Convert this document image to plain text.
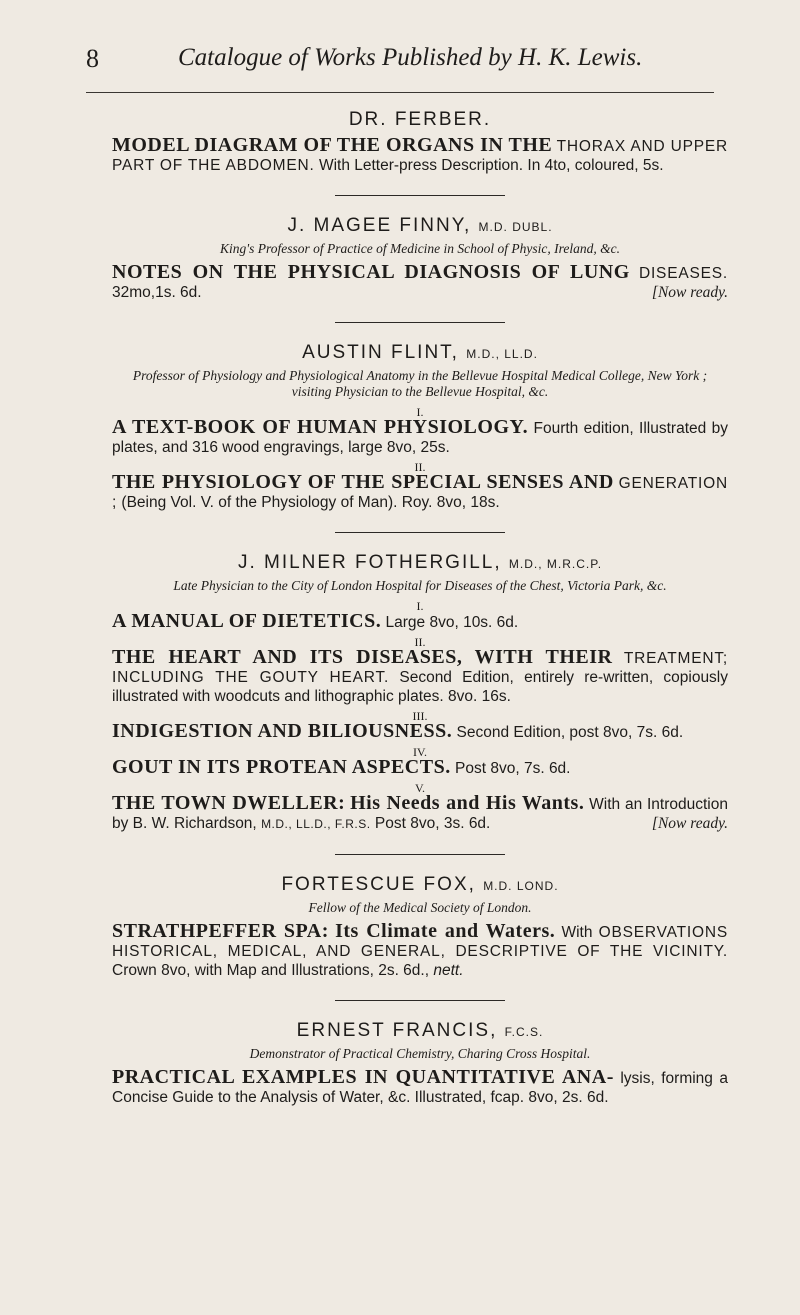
8	Catalogue of Works Published by H. K. Lewis.

DR. FERBER.

MODEL DIAGRAM OF THE ORGANS IN THE THORAX AND UPPER PART OF THE ABDOMEN. With Letter-press Description. In 4to, coloured, 5s.

J. MAGEE FINNY, M.D. DUBL.

King's Professor of Practice of Medicine in School of Physic, Ireland, &c.

NOTES ON THE PHYSICAL DIAGNOSIS OF LUNG DISEASES. 32mo,1s. 6d.	[Now ready.

AUSTIN FLINT, M.D., LL.D.

Professor of Physiology and Physiological Anatomy in the Bellevue Hospital Medical College, New York ; visiting Physician to the Bellevue Hospital, &c.

I.

A TEXT-BOOK OF HUMAN PHYSIOLOGY. Fourth edition, Illustrated by plates, and 316 wood engravings, large 8vo, 25s.

II.

THE PHYSIOLOGY OF THE SPECIAL SENSES AND GENERATION ; (Being Vol. V. of the Physiology of Man). Roy. 8vo, 18s.

J. MILNER FOTHERGILL, M.D., M.R.C.P.

Late Physician to the City of London Hospital for Diseases of the Chest, Victoria Park, &c.

I.

A MANUAL OF DIETETICS. Large 8vo, 10s. 6d.

II.

THE HEART AND ITS DISEASES, WITH THEIR TREATMENT; INCLUDING THE GOUTY HEART. Second Edition, entirely re-written, copiously illustrated with woodcuts and lithographic plates. 8vo. 16s.

III.

INDIGESTION AND BILIOUSNESS. Second Edition, post 8vo, 7s. 6d.

IV.

GOUT IN ITS PROTEAN ASPECTS. Post 8vo, 7s. 6d.

V.

THE TOWN DWELLER: His Needs and His Wants. With an Introduction by B. W. Richardson, M.D., LL.D., F.R.S. Post 8vo, 3s. 6d.	[Now ready.

FORTESCUE FOX, M.D. LOND.

Fellow of the Medical Society of London.

STRATHPEFFER SPA: Its Climate and Waters. With OBSERVATIONS HISTORICAL, MEDICAL, AND GENERAL, DESCRIPTIVE OF THE VICINITY. Crown 8vo, with Map and Illustrations, 2s. 6d., nett.

ERNEST FRANCIS, F.C.S.

Demonstrator of Practical Chemistry, Charing Cross Hospital.

PRACTICAL EXAMPLES IN QUANTITATIVE ANA- lysis, forming a Concise Guide to the Analysis of Water, &c. Illustrated, fcap. 8vo, 2s. 6d.
